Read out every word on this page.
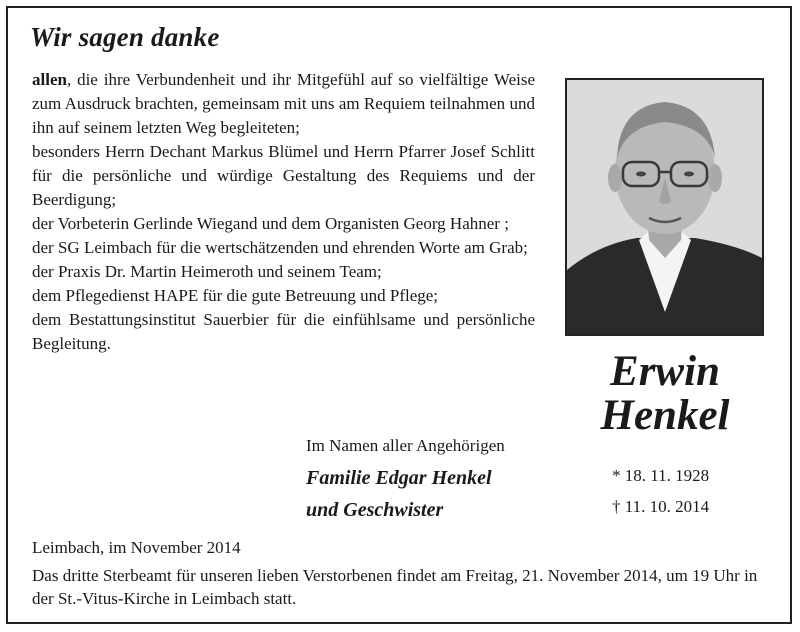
Wir sagen danke

allen, die ihre Verbundenheit und ihr Mitgefühl auf so vielfältige Weise zum Ausdruck brachten, gemeinsam mit uns am Requiem teilnahmen und ihn auf seinem letzten Weg begleiteten;

besonders Herrn Dechant Markus Blümel und Herrn Pfarrer Josef Schlitt für die persönliche und würdige Gestaltung des Requiems und der Beerdigung;

der Vorbeterin Gerlinde Wiegand und dem Organisten Georg Hahner ;

der SG Leimbach für die wertschätzenden und ehrenden Worte am Grab;

der Praxis Dr. Martin Heimeroth und seinem Team;

dem Pflegedienst HAPE für die gute Betreuung und Pflege;

dem Bestattungsinstitut Sauerbier für die einfühlsame und persönliche Begleitung.

Erwin
Henkel
* 18. 11. 1928
† 11. 10. 2014
Im Namen aller Angehörigen
Familie Edgar Henkel
und Geschwister
Leimbach, im November 2014
Das dritte Sterbeamt für unseren lieben Verstorbenen findet am Freitag, 21. November 2014, um 19 Uhr in der St.-Vitus-Kirche in Leimbach statt.
